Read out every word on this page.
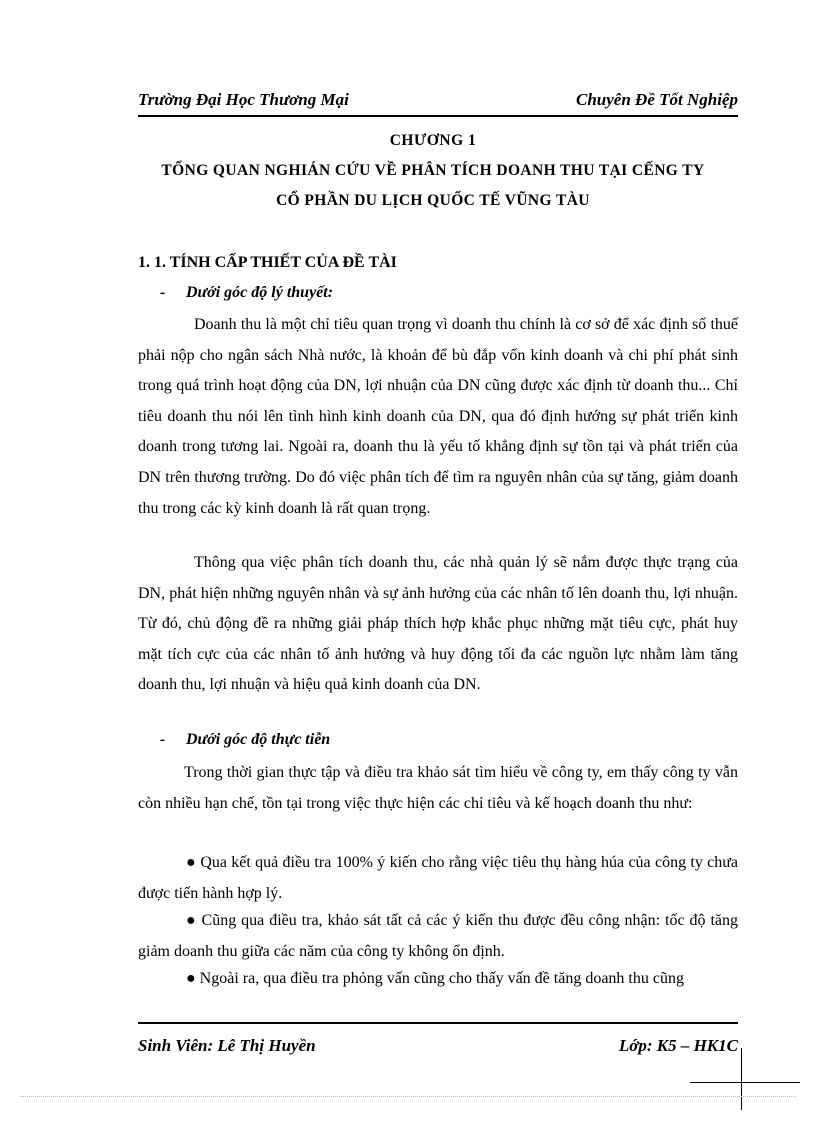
Trường Đại Học Thương Mại	Chuyên Đề Tốt Nghiệp
CHƯƠNG 1
TỔNG QUAN NGHIÁN CỨU VỀ PHÂN TÍCH DOANH THU TẠI CẾNG TY
CỔ PHẦN DU LỊCH QUỐC TẾ VŨNG TÀU
1. 1. TÍNH CẤP THIẾT CỦA ĐỀ TÀI
- Dưới góc độ lý thuyết:
Doanh thu là một chỉ tiêu quan trọng vì doanh thu chính là cơ sở để xác định số thuế phải nộp cho ngân sách Nhà nước, là khoản để bù đắp vốn kinh doanh và chi phí phát sinh trong quá trình hoạt động của DN, lợi nhuận của DN cũng được xác định từ doanh thu... Chỉ tiêu doanh thu nói lên tình hình kinh doanh của DN, qua đó định hướng sự phát triển kinh doanh trong tương lai. Ngoài ra, doanh thu là yếu tố khẳng định sự tồn tại và phát triển của DN trên thương trường. Do đó việc phân tích để tìm ra nguyên nhân của sự tăng, giảm doanh thu trong các kỳ kinh doanh là rất quan trọng.
Thông qua việc phân tích doanh thu, các nhà quản lý sẽ nắm được thực trạng của DN, phát hiện những nguyên nhân và sự ảnh hưởng của các nhân tố lên doanh thu, lợi nhuận. Từ đó, chủ động đề ra những giải pháp thích hợp khắc phục những mặt tiêu cực, phát huy mặt tích cực của các nhân tố ảnh hưởng và huy động tối đa các nguồn lực nhằm làm tăng doanh thu, lợi nhuận và hiệu quả kinh doanh của DN.
- Dưới góc độ thực tiễn
Trong thời gian thực tập và điều tra khảo sát tìm hiểu về công ty, em thấy công ty vẫn còn nhiều hạn chế, tồn tại trong việc thực hiện các chỉ tiêu và kế hoạch doanh thu như:
● Qua kết quả điều tra 100% ý kiến cho rằng việc tiêu thụ hàng húa của công ty chưa được tiến hành hợp lý.
● Cũng qua điều tra, khảo sát tất cả các ý kiến thu được đều công nhận: tốc độ tăng giảm doanh thu giữa các năm của công ty không ổn định.
● Ngoài ra, qua điều tra phỏng vấn cũng cho thấy vấn đề tăng doanh thu cũng
Sinh Viên: Lê Thị Huyền	Lớp: K5 – HK1C
